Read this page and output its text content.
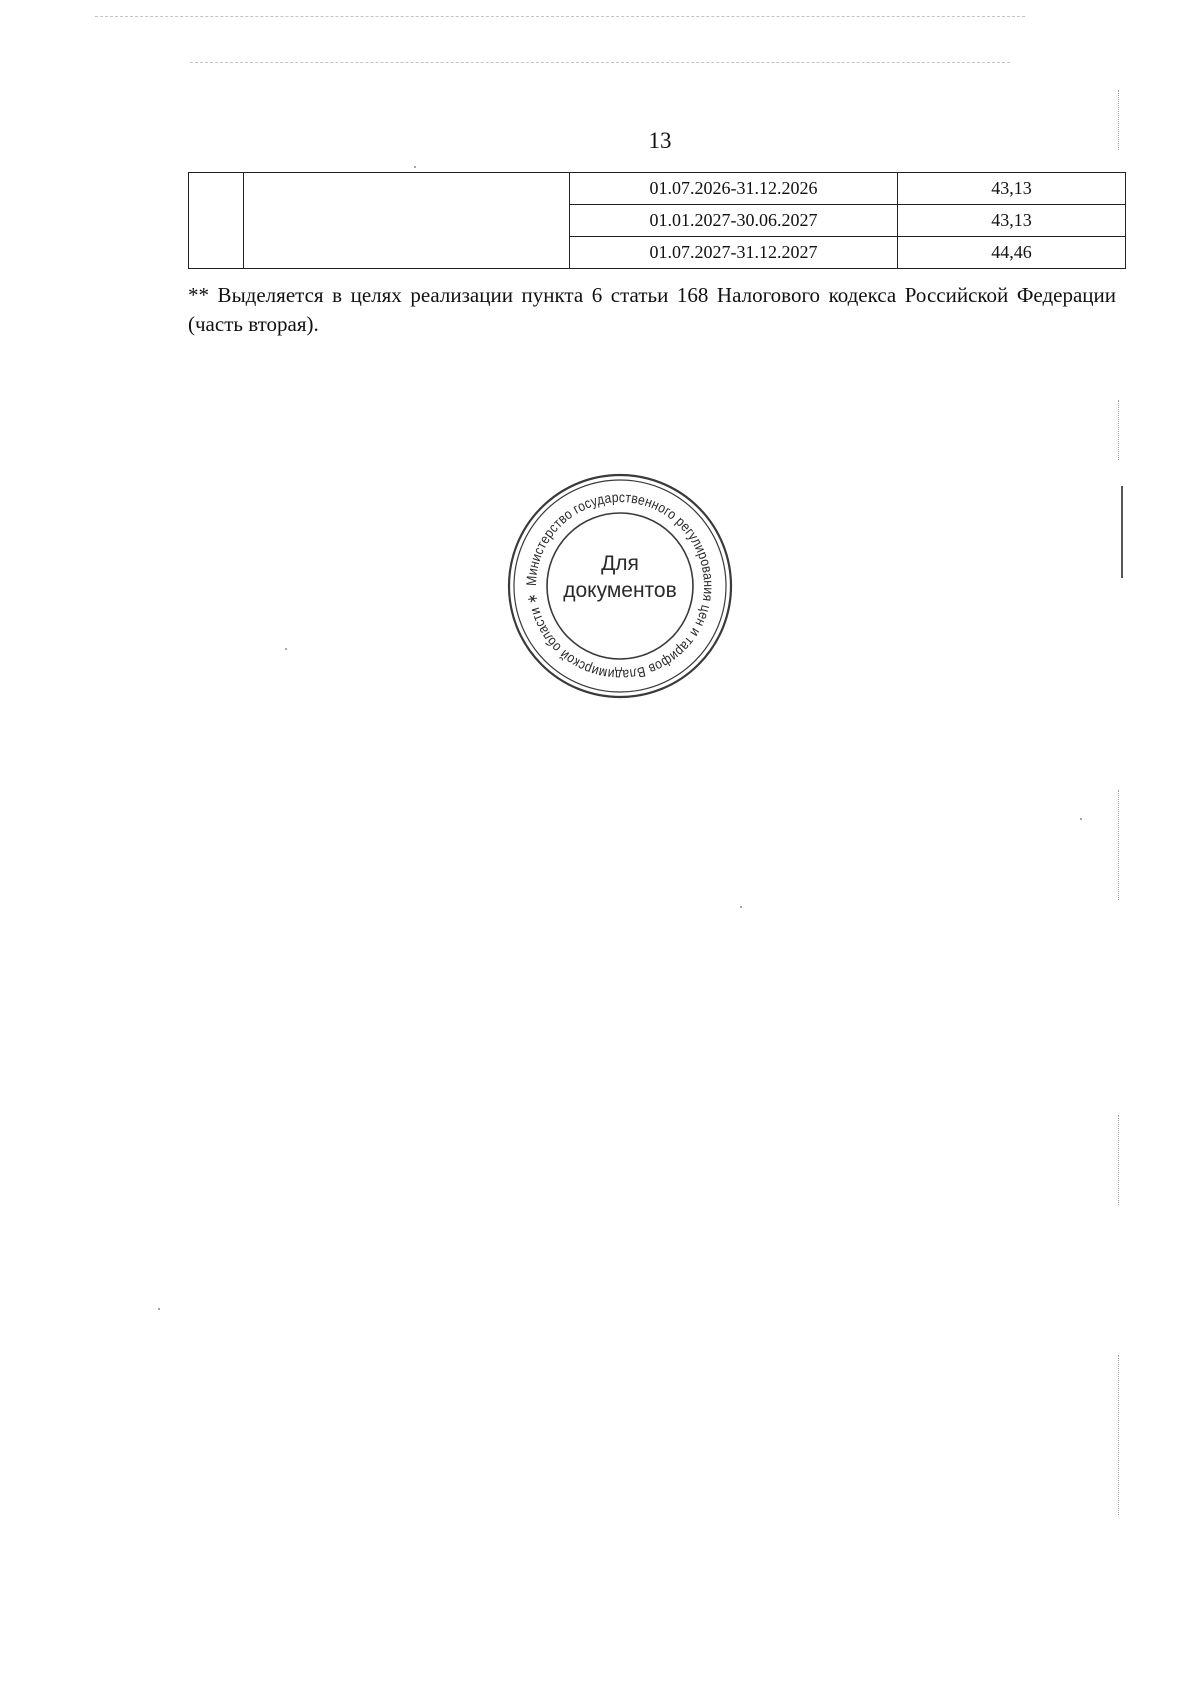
13
		01.07.2026-31.12.2026	43,13
		01.01.2027-30.06.2027	43,13
		01.07.2027-31.12.2027	44,46

** Выделяется в целях реализации пункта 6 статьи 168 Налогового кодекса Российской Федерации (часть вторая).

Министерство государственного регулирования цен и тарифов Владимирской области ∗
Для
документов
